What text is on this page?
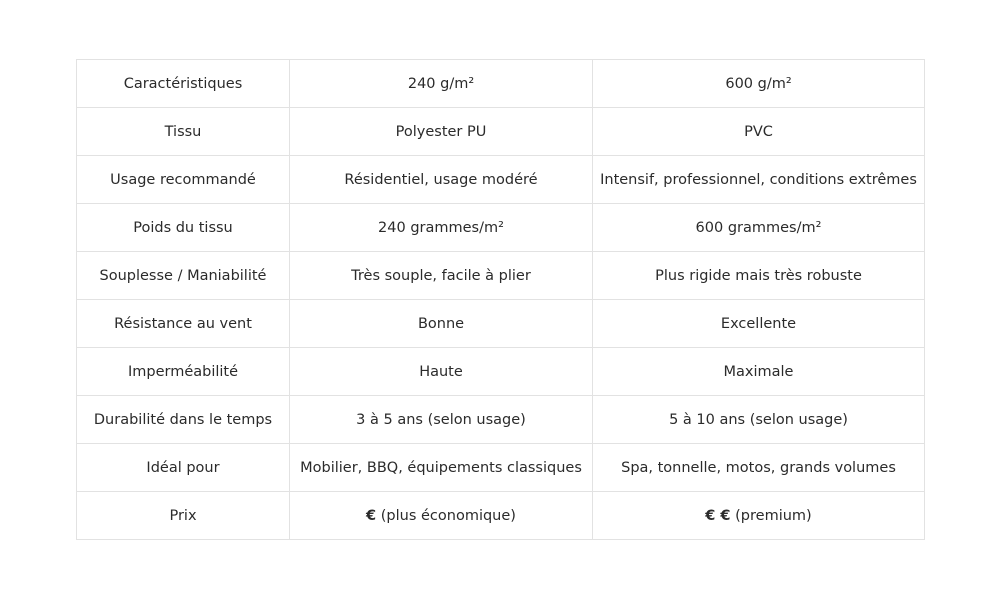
Caractéristiques	240 g/m²	600 g/m²
Tissu	Polyester PU	PVC
Usage recommandé	Résidentiel, usage modéré	Intensif, professionnel, conditions extrêmes
Poids du tissu	240 grammes/m²	600 grammes/m²
Souplesse / Maniabilité	Très souple, facile à plier	Plus rigide mais très robuste
Résistance au vent	Bonne	Excellente
Imperméabilité	Haute	Maximale
Durabilité dans le temps	3 à 5 ans (selon usage)	5 à 10 ans (selon usage)
Idéal pour	Mobilier, BBQ, équipements classiques	Spa, tonnelle, motos, grands volumes
Prix	€ (plus économique)	€ € (premium)
